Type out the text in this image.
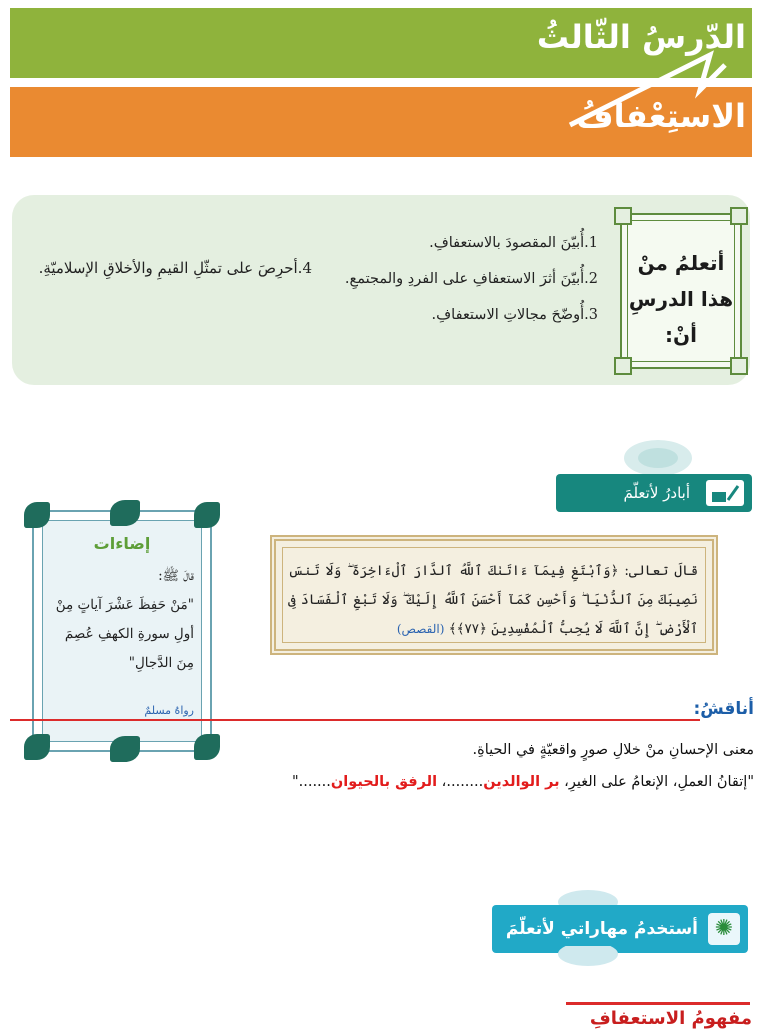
الدّرسُ الثّالثُ
الاستِعْفافُ
أتعلمُ منْ
هذا الدرسِ أنْ:
1.أُبيّنَ المقصودَ بالاستعفافِ.
2.أُبيّنَ أثرَ الاستعفافِ على الفردِ والمجتمعِ.
3.أُوضّحَ مجالاتِ الاستعفافِ.
4.أحرِصَ على تمثّلِ القيمِ والأخلاقِ الإسلاميّةِ.
أبادرُ لأتعلّمَ
إضاءات
قالَ ﷺ:
"مَنْ حَفِظَ عَشْرَ آياتٍ مِنْ أولِ سورةِ الكهفِ عُصِمَ مِنَ الدَّجالِ"
رواهُ مسلمٌ
قالَ تعالى: ﴿وَٱبْتَغِ فِيمَآ ءَاتَىٰكَ ٱللَّهُ ٱلدَّارَ ٱلْءَاخِرَةَ ۖ وَلَا تَنسَ نَصِيبَكَ مِنَ ٱلدُّنْيَا ۖ وَأَحْسِن كَمَآ أَحْسَنَ ٱللَّهُ إِلَيْكَ ۖ وَلَا تَبْغِ ٱلْفَسَادَ فِى ٱلْأَرْضِ ۖ إِنَّ ٱللَّهَ لَا يُحِبُّ ٱلْمُفْسِدِينَ ﴿٧٧﴾﴾ (القصص)
أناقشُ:
معنى الإحسانِ منْ خلالِ صورٍ واقعيّةٍ في الحياةِ.
"إتقانُ العملِ، الإنعامُ على الغيرِ، بر الوالدين........، الرفق بالحيوان......."
✺
أستخدمُ مهاراتي لأتعلّمَ
مفهومُ الاستعفافِ
